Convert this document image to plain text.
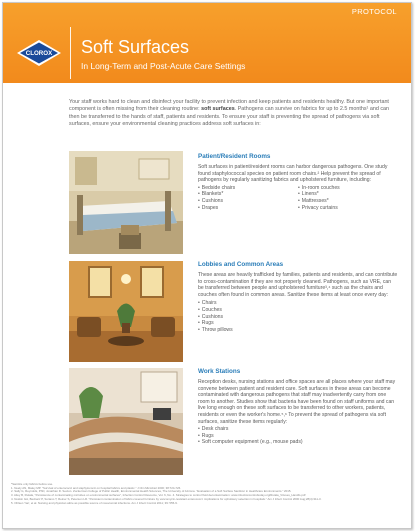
PROTOCOL
CLOROX Soft Surfaces
In Long-Term and Post-Acute Care Settings
Your staff works hard to clean and disinfect your facility to prevent infection and keep patients and residents healthy. But one important component is often missing from their cleaning routine: soft surfaces. Pathogens can survive on fabrics for up to 2.5 months¹ and can then be transferred to the hands of staff, patients and residents. To ensure your staff is preventing the spread of pathogens via soft surfaces, ensure your environmental cleaning practices address soft surfaces in:
Patient/Resident Rooms

Soft surfaces in patient/resident rooms can harbor dangerous pathogens. One study found staphylococcal species on patient room chairs.² Help prevent the spread of pathogens by regularly sanitizing fabrics and upholstered furniture, including:

• Bedside chairs
• Blankets*
• Cushions
• Drapes
• In-room couches
• Linens*
• Mattresses*
• Privacy curtains
Lobbies and Common Areas

These areas are heavily trafficked by families, patients and residents, and can contribute to cross-contamination if they are not properly cleaned. Pathogens, such as VRE, can be transferred between people and upholstered furniture³,⁴ such as the chairs and couches often found in common areas. Sanitize these items at least once every day:

• Chairs
• Couches
• Cushions
• Rugs
• Throw pillows
Work Stations

Reception desks, nursing stations and office spaces are all places where your staff may convene between patient and resident care. Soft surfaces in these areas can become contaminated with dangerous pathogens that staff may inadvertently carry from one room to another. Studies show that bacteria have been found on staff uniforms and can live long enough on these soft surfaces to be transferred to other workers, patients, residents or even the worker's home.⁵,⁶ To prevent the spread of pathogens via soft surfaces, sanitize these items regularly:

• Desk chairs
• Rugs
• Soft computer equipment (e.g., mouse pads)
*Sanitize only fabrics before use.
1. Neely AN, Maley MP. "Survival of enterococci and staphylococci on hospital fabrics and plastic." J Clin Microbiol 2000; 38:724-726.
2. Sally G, Reynolds, PhD, Jonathan D. Sexton. Zuckerman College of Public Health, Environmental Health Sciences, The University of Arizona. "Evaluation of a Soft Surface Sanitizer in Healthcare Environments." 2015.
3. Aliey B, Rutala, "Persistence of contaminating microbes on environmental surfaces", Infection Control Resource, Vol. 6, No. 4. Strategies to control fluid decontamination: www.infectioncontroltoday.org/Rutala_Viruses_HandG.pdf
4. Noskin GA, Bednarz P, Suriano T, Reiner S, Peterson LR. "Persistent contamination of fabric-covered furniture by vancomycin-resistant enterococci: implications for upholstery selection in hospitals." Am J Infect Control 2000 Aug;28(4):311-3.
5. Ohlsen Yarr, et al. Nursing and physician attire as possible source of nosocomial infections. Am J Infect Control 2011; 39: 555-9.
